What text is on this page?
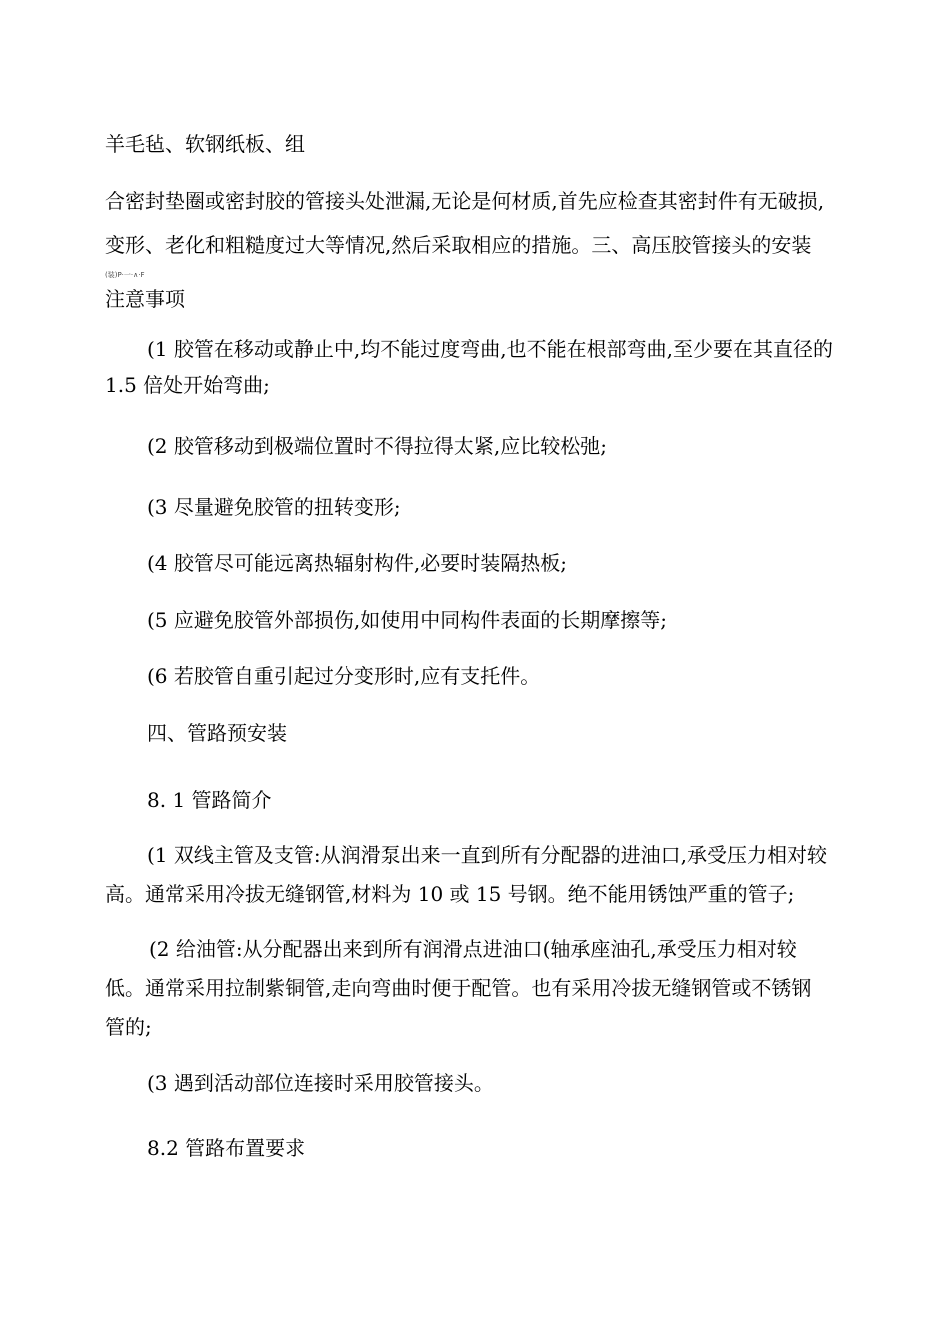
羊毛毡、软钢纸板、组
合密封垫圈或密封胶的管接头处泄漏,无论是何材质,首先应检查其密封件有无破损,
变形、老化和粗糙度过大等情况,然后采取相应的措施。三、高压胶管接头的安装
(装)P·一·∧·F
注意事项
(1 胶管在移动或静止中,均不能过度弯曲,也不能在根部弯曲,至少要在其直径的
1.5 倍处开始弯曲;
(2 胶管移动到极端位置时不得拉得太紧,应比较松弛;
(3 尽量避免胶管的扭转变形;
(4 胶管尽可能远离热辐射构件,必要时装隔热板;
(5 应避免胶管外部损伤,如使用中同构件表面的长期摩擦等;
(6 若胶管自重引起过分变形时,应有支托件。
四、管路预安装
8. 1 管路简介
(1 双线主管及支管:从润滑泵出来一直到所有分配器的进油口,承受压力相对较
高。通常采用冷拔无缝钢管,材料为 10 或 15 号钢。绝不能用锈蚀严重的管子;
(2 给油管:从分配器出来到所有润滑点进油口(轴承座油孔,承受压力相对较
低。通常采用拉制紫铜管,走向弯曲时便于配管。也有采用冷拔无缝钢管或不锈钢
管的;
(3 遇到活动部位连接时采用胶管接头。
8.2 管路布置要求
